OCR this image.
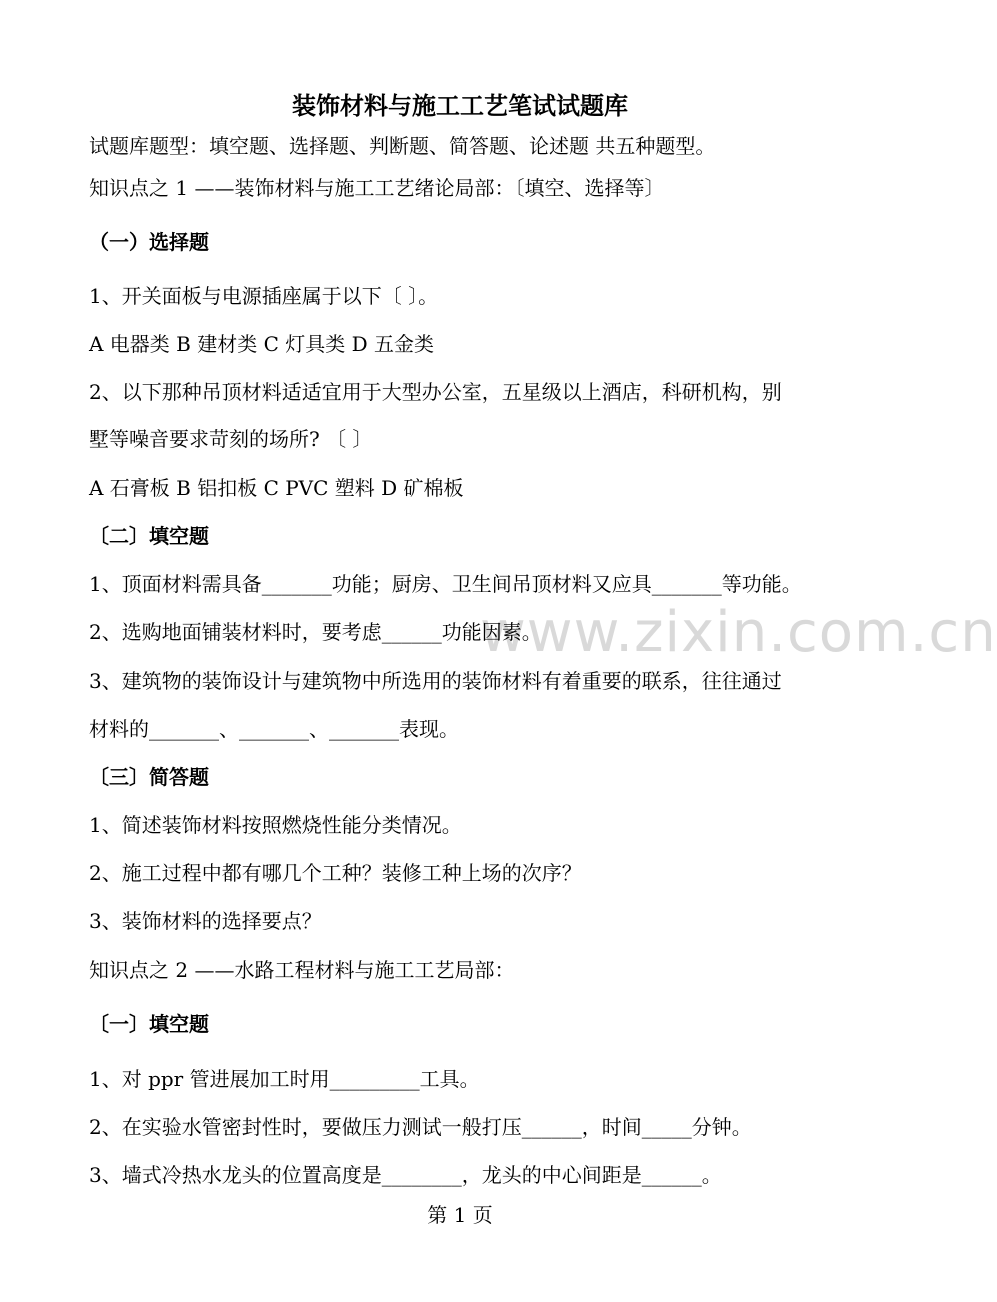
www.zixin.com.cn
装饰材料与施工工艺笔试试题库
试题库题型：填空题、选择题、判断题、简答题、论述题 共五种题型。
知识点之 1 ——装饰材料与施工工艺绪论局部：〔填空、选择等〕
（一）选择题
1、开关面板与电源插座属于以下〔 〕。
A 电器类 B 建材类 C 灯具类 D 五金类
2、以下那种吊顶材料适适宜用于大型办公室，五星级以上酒店，科研机构，别
墅等噪音要求苛刻的场所? 〔 〕
A 石膏板 B 铝扣板 C PVC 塑料 D 矿棉板
〔二〕填空题
1、顶面材料需具备_______功能；厨房、卫生间吊顶材料又应具_______等功能。
2、选购地面铺装材料时，要考虑______功能因素。
3、建筑物的装饰设计与建筑物中所选用的装饰材料有着重要的联系，往往通过
材料的_______、_______、_______表现。
〔三〕简答题
1、简述装饰材料按照燃烧性能分类情况。
2、施工过程中都有哪几个工种？装修工种上场的次序？
3、装饰材料的选择要点？
知识点之 2 ——水路工程材料与施工工艺局部：
〔一〕填空题
1、对 ppr 管进展加工时用_________工具。
2、在实验水管密封性时，要做压力测试一般打压______，时间_____分钟。
3、墙式冷热水龙头的位置高度是________，龙头的中心间距是______。
第 1 页
